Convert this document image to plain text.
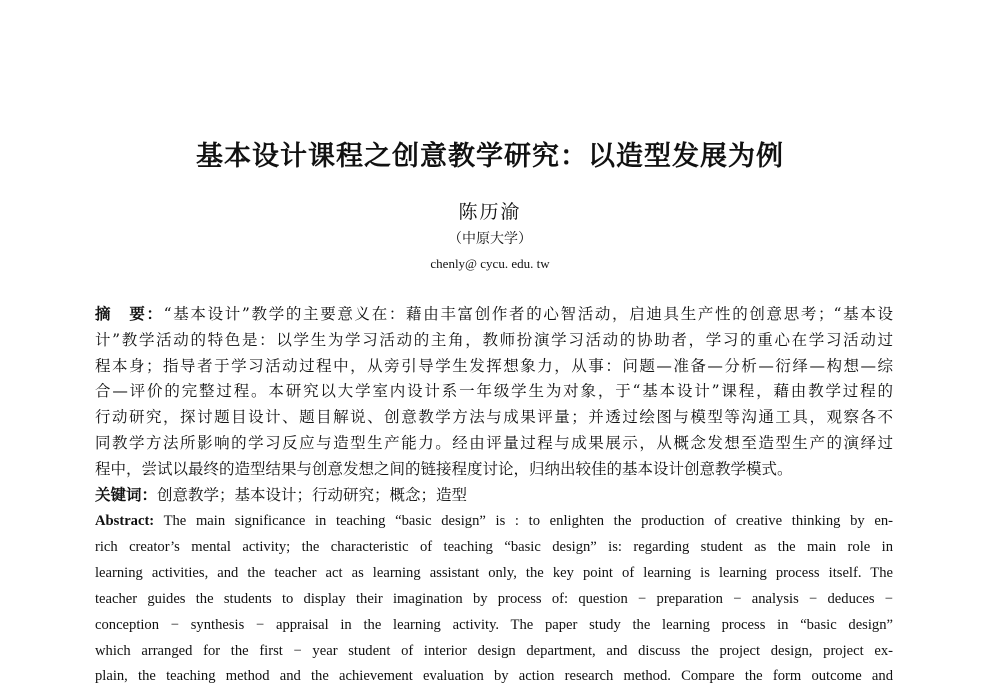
基本设计课程之创意教学研究：以造型发展为例
陈历渝
（中原大学）
chenly@ cycu. edu. tw
摘　要：“基本设计”教学的主要意义在：藉由丰富创作者的心智活动，启迪具生产性的创意思考；“基本设
计”教学活动的特色是：以学生为学习活动的主角，教师扮演学习活动的协助者，学习的重心在学习活动过
程本身；指导者于学习活动过程中，从旁引导学生发挥想象力，从事：问题—准备—分析—衍绎—构想—综
合—评价的完整过程。本研究以大学室内设计系一年级学生为对象，于“基本设计”课程，藉由教学过程的
行动研究，探讨题目设计、题目解说、创意教学方法与成果评量；并透过绘图与模型等沟通工具，观察各不
同教学方法所影响的学习反应与造型生产能力。经由评量过程与成果展示，从概念发想至造型生产的演绎过
程中，尝试以最终的造型结果与创意发想之间的链接程度讨论，归纳出较佳的基本设计创意教学模式。
关键词：创意教学；基本设计；行动研究；概念；造型
Abstract: The main significance in teaching “basic design” is : to enlighten the production of creative thinking by en-
rich creator’s mental activity; the characteristic of teaching “basic design” is: regarding student as the main role in
learning activities, and the teacher act as learning assistant only, the key point of learning is learning process itself. The
teacher guides the students to display their imagination by process of: question − preparation − analysis − deduces −
conception − synthesis − appraisal in the learning activity. The paper study the learning process in “basic design”
which arranged for the first − year student of interior design department, and discuss the project design, project ex-
plain, the teaching method and the achievement evaluation by action research method. Compare the form outcome and
